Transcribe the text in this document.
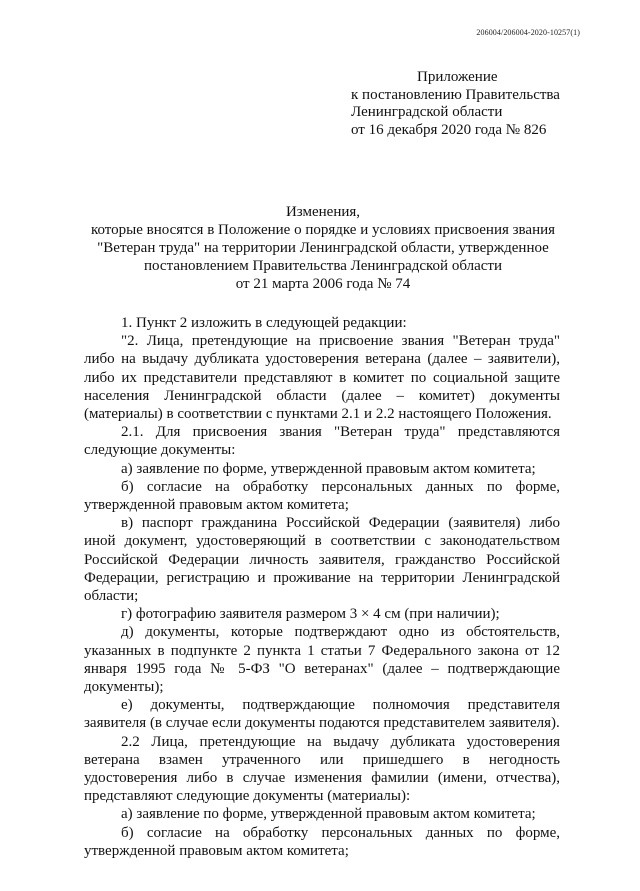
206004/206004-2020-10257(1)
Приложение
к постановлению Правительства
Ленинградской области
от 16 декабря 2020 года № 826
Изменения,
которые вносятся в Положение о порядке и условиях присвоения звания
"Ветеран труда" на территории Ленинградской области, утвержденное
постановлением Правительства Ленинградской области
от 21 марта 2006 года № 74

1. Пункт 2 изложить в следующей редакции:

"2. Лица, претендующие на присвоение звания "Ветеран труда" либо на выдачу дубликата удостоверения ветерана (далее – заявители), либо их представители представляют в комитет по социальной защите населения Ленинградской области (далее – комитет) документы (материалы) в соответствии с пунктами 2.1 и 2.2 настоящего Положения.

2.1. Для присвоения звания "Ветеран труда" представляются следующие документы:

а) заявление по форме, утвержденной правовым актом комитета;

б) согласие на обработку персональных данных по форме, утвержденной правовым актом комитета;

в) паспорт гражданина Российской Федерации (заявителя) либо иной документ, удостоверяющий в соответствии с законодательством Российской Федерации личность заявителя, гражданство Российской Федерации, регистрацию и проживание на территории Ленинградской области;

г) фотографию заявителя размером 3 × 4 см (при наличии);

д) документы, которые подтверждают одно из обстоятельств, указанных в подпункте 2 пункта 1 статьи 7 Федерального закона от 12 января 1995 года № 5-ФЗ "О ветеранах" (далее – подтверждающие документы);

е) документы, подтверждающие полномочия представителя заявителя (в случае если документы подаются представителем заявителя).

2.2 Лица, претендующие на выдачу дубликата удостоверения ветерана взамен утраченного или пришедшего в негодность удостоверения либо в случае изменения фамилии (имени, отчества), представляют следующие документы (материалы):

а) заявление по форме, утвержденной правовым актом комитета;

б) согласие на обработку персональных данных по форме, утвержденной правовым актом комитета;
